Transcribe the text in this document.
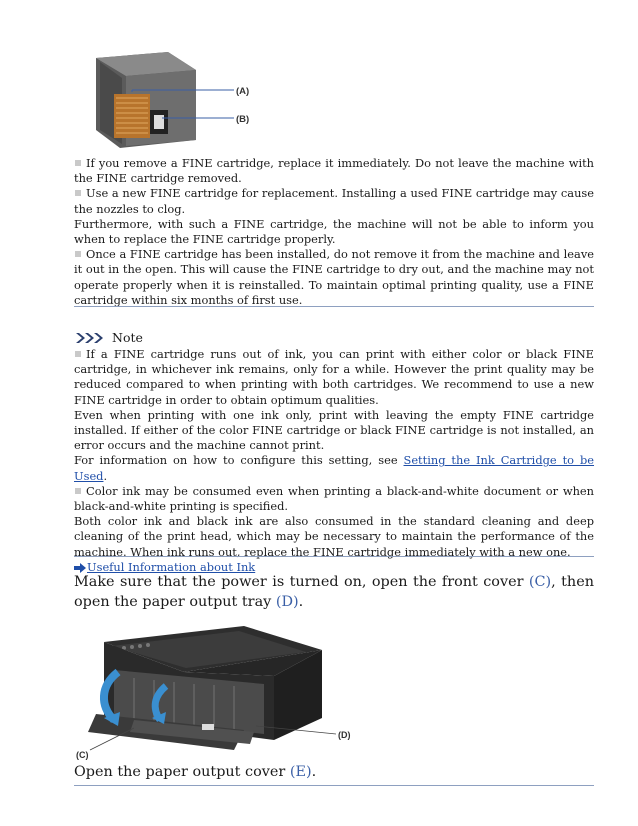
(A)
(B)

If you remove a FINE cartridge, replace it immediately. Do not leave the machine with the FINE cartridge removed.

Use a new FINE cartridge for replacement. Installing a used FINE cartridge may cause the nozzles to clog.

Furthermore, with such a FINE cartridge, the machine will not be able to inform you when to replace the FINE cartridge properly.

Once a FINE cartridge has been installed, do not remove it from the machine and leave it out in the open. This will cause the FINE cartridge to dry out, and the machine may not operate properly when it is reinstalled. To maintain optimal printing quality, use a FINE cartridge within six months of first use.

Note

If a FINE cartridge runs out of ink, you can print with either color or black FINE cartridge, in whichever ink remains, only for a while. However the print quality may be reduced compared to when printing with both cartridges. We recommend to use a new FINE cartridge in order to obtain optimum qualities.

Even when printing with one ink only, print with leaving the empty FINE cartridge installed. If either of the color FINE cartridge or black FINE cartridge is not installed, an error occurs and the machine cannot print.

For information on how to configure this setting, see Setting the Ink Cartridge to be Used.

Color ink may be consumed even when printing a black-and-white document or when black-and-white printing is specified.

Both color ink and black ink are also consumed in the standard cleaning and deep cleaning of the print head, which may be necessary to maintain the performance of the machine. When ink runs out, replace the FINE cartridge immediately with a new one.

Useful Information about Ink

Make sure that the power is turned on, open the front cover (C), then open the paper output tray (D).

(C)
(D)

Open the paper output cover (E).
